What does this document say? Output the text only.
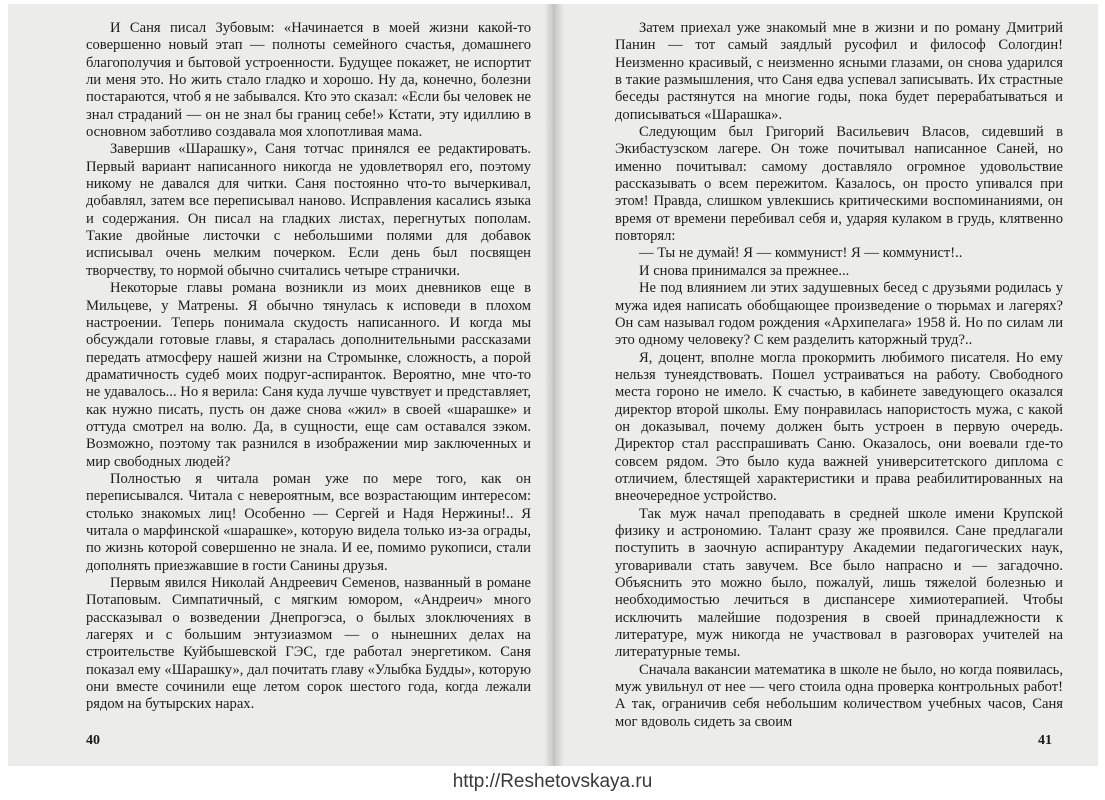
И Саня писал Зубовым: «Начинается в моей жизни какой-то совершенно новый этап — полноты семейного счастья, домашнего благополучия и бытовой устроенности. Будущее покажет, не испортит ли меня это. Но жить стало гладко и хорошо. Ну да, конечно, болезни постараются, чтоб я не забывался. Кто это сказал: «Если бы человек не знал страданий — он не знал бы границ себе!» Кстати, эту идиллию в основном заботливо создавала моя хлопотливая мама.

Завершив «Шарашку», Саня тотчас принялся ее редактировать. Первый вариант написанного никогда не удовлетворял его, поэтому никому не давался для читки. Саня постоянно что-то вычеркивал, добавлял, затем все переписывал наново. Исправления касались языка и содержания. Он писал на гладких листах, перегнутых пополам. Такие двойные листочки с небольшими полями для добавок исписывал очень мелким почерком. Если день был посвящен творчеству, то нормой обычно считались четыре странички.

Некоторые главы романа возникли из моих дневников еще в Мильцеве, у Матрены. Я обычно тянулась к исповеди в плохом настроении. Теперь понимала скудость написанного. И когда мы обсуждали готовые главы, я старалась дополнительными рассказами передать атмосферу нашей жизни на Стромынке, сложность, а порой драматичность судеб моих подруг-аспиранток. Вероятно, мне что-то не удавалось... Но я верила: Саня куда лучше чувствует и представляет, как нужно писать, пусть он даже снова «жил» в своей «шарашке» и оттуда смотрел на волю. Да, в сущности, еще сам оставался зэком. Возможно, поэтому так разнился в изображении мир заключенных и мир свободных людей?

Полностью я читала роман уже по мере того, как он переписывался. Читала с невероятным, все возрастающим интересом: столько знакомых лиц! Особенно — Сергей и Надя Нержины!.. Я читала о марфинской «шарашке», которую видела только из-за ограды, по жизнь которой совершенно не знала. И ее, помимо рукописи, стали дополнять приезжавшие в гости Санины друзья.

Первым явился Николай Андреевич Семенов, названный в романе Потаповым. Симпатичный, с мягким юмором, «Андреич» много рассказывал о возведении Днепрогэса, о былых злоключениях в лагерях и с большим энтузиазмом — о нынешних делах на строительстве Куйбышевской ГЭС, где работал энергетиком. Саня показал ему «Шарашку», дал почитать главу «Улыбка Будды», которую они вместе сочинили еще летом сорок шестого года, когда лежали рядом на бутырских нарах.

40

Затем приехал уже знакомый мне в жизни и по роману Дмитрий Панин — тот самый заядлый русофил и философ Сологдин! Неизменно красивый, с неизменно ясными глазами, он снова ударился в такие размышления, что Саня едва успевал записывать. Их страстные беседы растянутся на многие годы, пока будет перерабатываться и дописываться «Шарашка».

Следующим был Григорий Васильевич Власов, сидевший в Экибастузском лагере. Он тоже почитывал написанное Саней, но именно почитывал: самому доставляло огромное удовольствие рассказывать о всем пережитом. Казалось, он просто упивался при этом! Правда, слишком увлекшись критическими воспоминаниями, он время от времени перебивал себя и, ударяя кулаком в грудь, клятвенно повторял:

— Ты не думай! Я — коммунист! Я — коммунист!..

И снова принимался за прежнее...

Не под влиянием ли этих задушевных бесед с друзьями родилась у мужа идея написать обобщающее произведение о тюрьмах и лагерях? Он сам называл годом рождения «Архипелага» 1958 й. Но по силам ли это одному человеку? С кем разделить каторжный труд?..

Я, доцент, вполне могла прокормить любимого писателя. Но ему нельзя тунеядствовать. Пошел устраиваться на работу. Свободного места гороно не имело. К счастью, в кабинете заведующего оказался директор второй школы. Ему понравилась напористость мужа, с какой он доказывал, почему должен быть устроен в первую очередь. Директор стал расспрашивать Саню. Оказалось, они воевали где-то совсем рядом. Это было куда важней университетского диплома с отличием, блестящей характеристики и права реабилитированных на внеочередное устройство.

Так муж начал преподавать в средней школе имени Крупской физику и астрономию. Талант сразу же проявился. Сане предлагали поступить в заочную аспирантуру Академии педагогических наук, уговаривали стать завучем. Все было напрасно и — загадочно. Объяснить это можно было, пожалуй, лишь тяжелой болезнью и необходимостью лечиться в диспансере химиотерапией. Чтобы исключить малейшие подозрения в своей принадлежности к литературе, муж никогда не участвовал в разговорах учителей на литературные темы.

Сначала вакансии математика в школе не было, но когда появилась, муж увильнул от нее — чего стоила одна проверка контрольных работ! А так, ограничив себя небольшим количеством учебных часов, Саня мог вдоволь сидеть за своим

41
http://Reshetovskaya.ru
